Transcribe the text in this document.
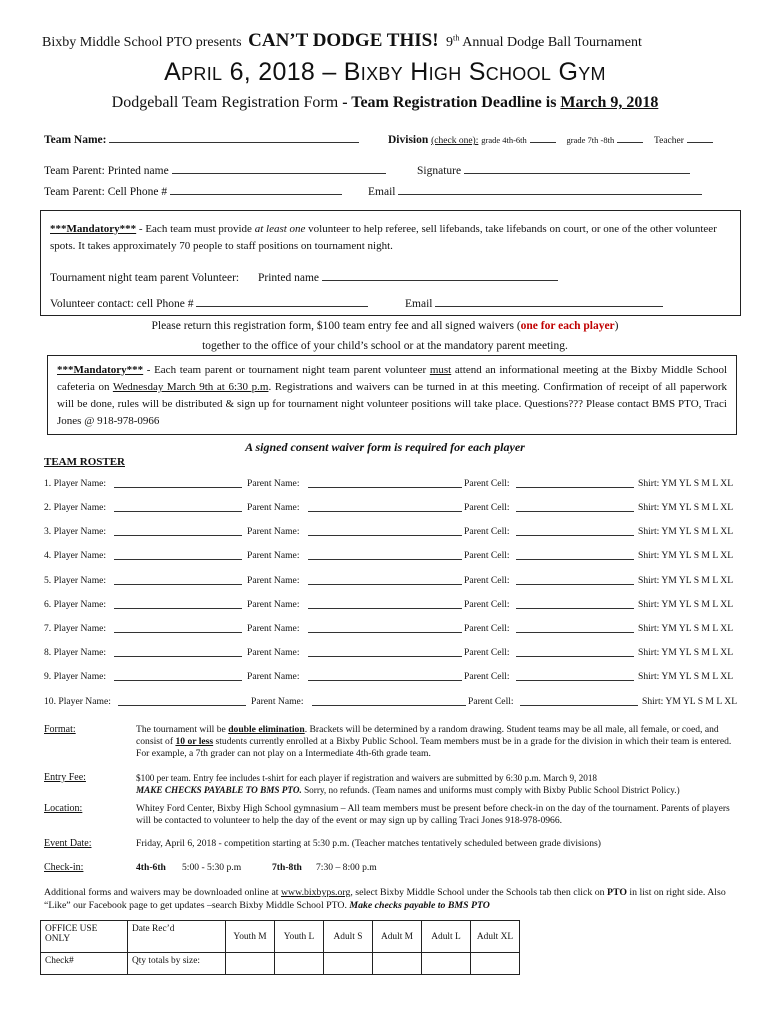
Bixby Middle School PTO presents CAN’T DODGE THIS! 9th Annual Dodge Ball Tournament
April 6, 2018 – Bixby High School Gym
Dodgeball Team Registration Form - Team Registration Deadline is March 9, 2018
Team Name:	Division (check one): grade 4th-6th	grade 7th -8th	Teacher
Team Parent: Printed name	Signature
Team Parent: Cell Phone #	Email
***Mandatory*** - Each team must provide at least one volunteer to help referee, sell lifebands, take lifebands on court, or one of the other volunteer spots. It takes approximately 70 people to staff positions on tournament night.
Tournament night team parent Volunteer: Printed name
Volunteer contact: cell Phone #	Email
Please return this registration form, $100 team entry fee and all signed waivers (one for each player)
together to the office of your child’s school or at the mandatory parent meeting.
***Mandatory*** - Each team parent or tournament night team parent volunteer must attend an informational meeting at the Bixby Middle School cafeteria on Wednesday March 9th at 6:30 p.m. Registrations and waivers can be turned in at this meeting. Confirmation of receipt of all paperwork will be done, rules will be distributed & sign up for tournament night volunteer positions will take place. Questions??? Please contact BMS PTO, Traci Jones @ 918-978-0966
A signed consent waiver form is required for each player
TEAM ROSTER
1. Player Name:	Parent Name:	Parent Cell:	Shirt: YM YL S M L XL
2. Player Name:	Parent Name:	Parent Cell:	Shirt: YM YL S M L XL
3. Player Name:	Parent Name:	Parent Cell:	Shirt: YM YL S M L XL
4. Player Name:	Parent Name:	Parent Cell:	Shirt: YM YL S M L XL
5. Player Name:	Parent Name:	Parent Cell:	Shirt: YM YL S M L XL
6. Player Name:	Parent Name:	Parent Cell:	Shirt: YM YL S M L XL
7. Player Name:	Parent Name:	Parent Cell:	Shirt: YM YL S M L XL
8. Player Name:	Parent Name:	Parent Cell:	Shirt: YM YL S M L XL
9. Player Name:	Parent Name:	Parent Cell:	Shirt: YM YL S M L XL
10. Player Name:	Parent Name:	Parent Cell:	Shirt: YM YL S M L XL
Format:	The tournament will be double elimination. Brackets will be determined by a random drawing. Student teams may be all male, all female, or coed, and consist of 10 or less students currently enrolled at a Bixby Public School. Team members must be in a grade for the division in which their team is entered. For example, a 7th grader can not play on a Intermediate 4th-6th grade team.
Entry Fee:	$100 per team. Entry fee includes t-shirt for each player if registration and waivers are submitted by 6:30 p.m. March 9, 2018
MAKE CHECKS PAYABLE TO BMS PTO. Sorry, no refunds. (Team names and uniforms must comply with Bixby Public School District Policy.)
Location:	Whitey Ford Center, Bixby High School gymnasium – All team members must be present before check-in on the day of the tournament. Parents of players will be contacted to volunteer to help the day of the event or may sign up by calling Traci Jones 918-978-0966.
Event Date:	Friday, April 6, 2018 - competition starting at 5:30 p.m. (Teacher matches tentatively scheduled between grade divisions)
Check-in:	4th-6th 5:00 - 5:30 p.m	7th-8th 7:30 – 8:00 p.m
Additional forms and waivers may be downloaded online at www.bixbyps.org, select Bixby Middle School under the Schools tab then click on PTO in list on right side. Also “Like” our Facebook page to get updates –search Bixby Middle School PTO. Make checks payable to BMS PTO
OFFICE USE ONLY	Date Rec’d	Youth M	Youth L	Adult S	Adult M	Adult L	Adult XL
Check#	Qty totals by size:						
